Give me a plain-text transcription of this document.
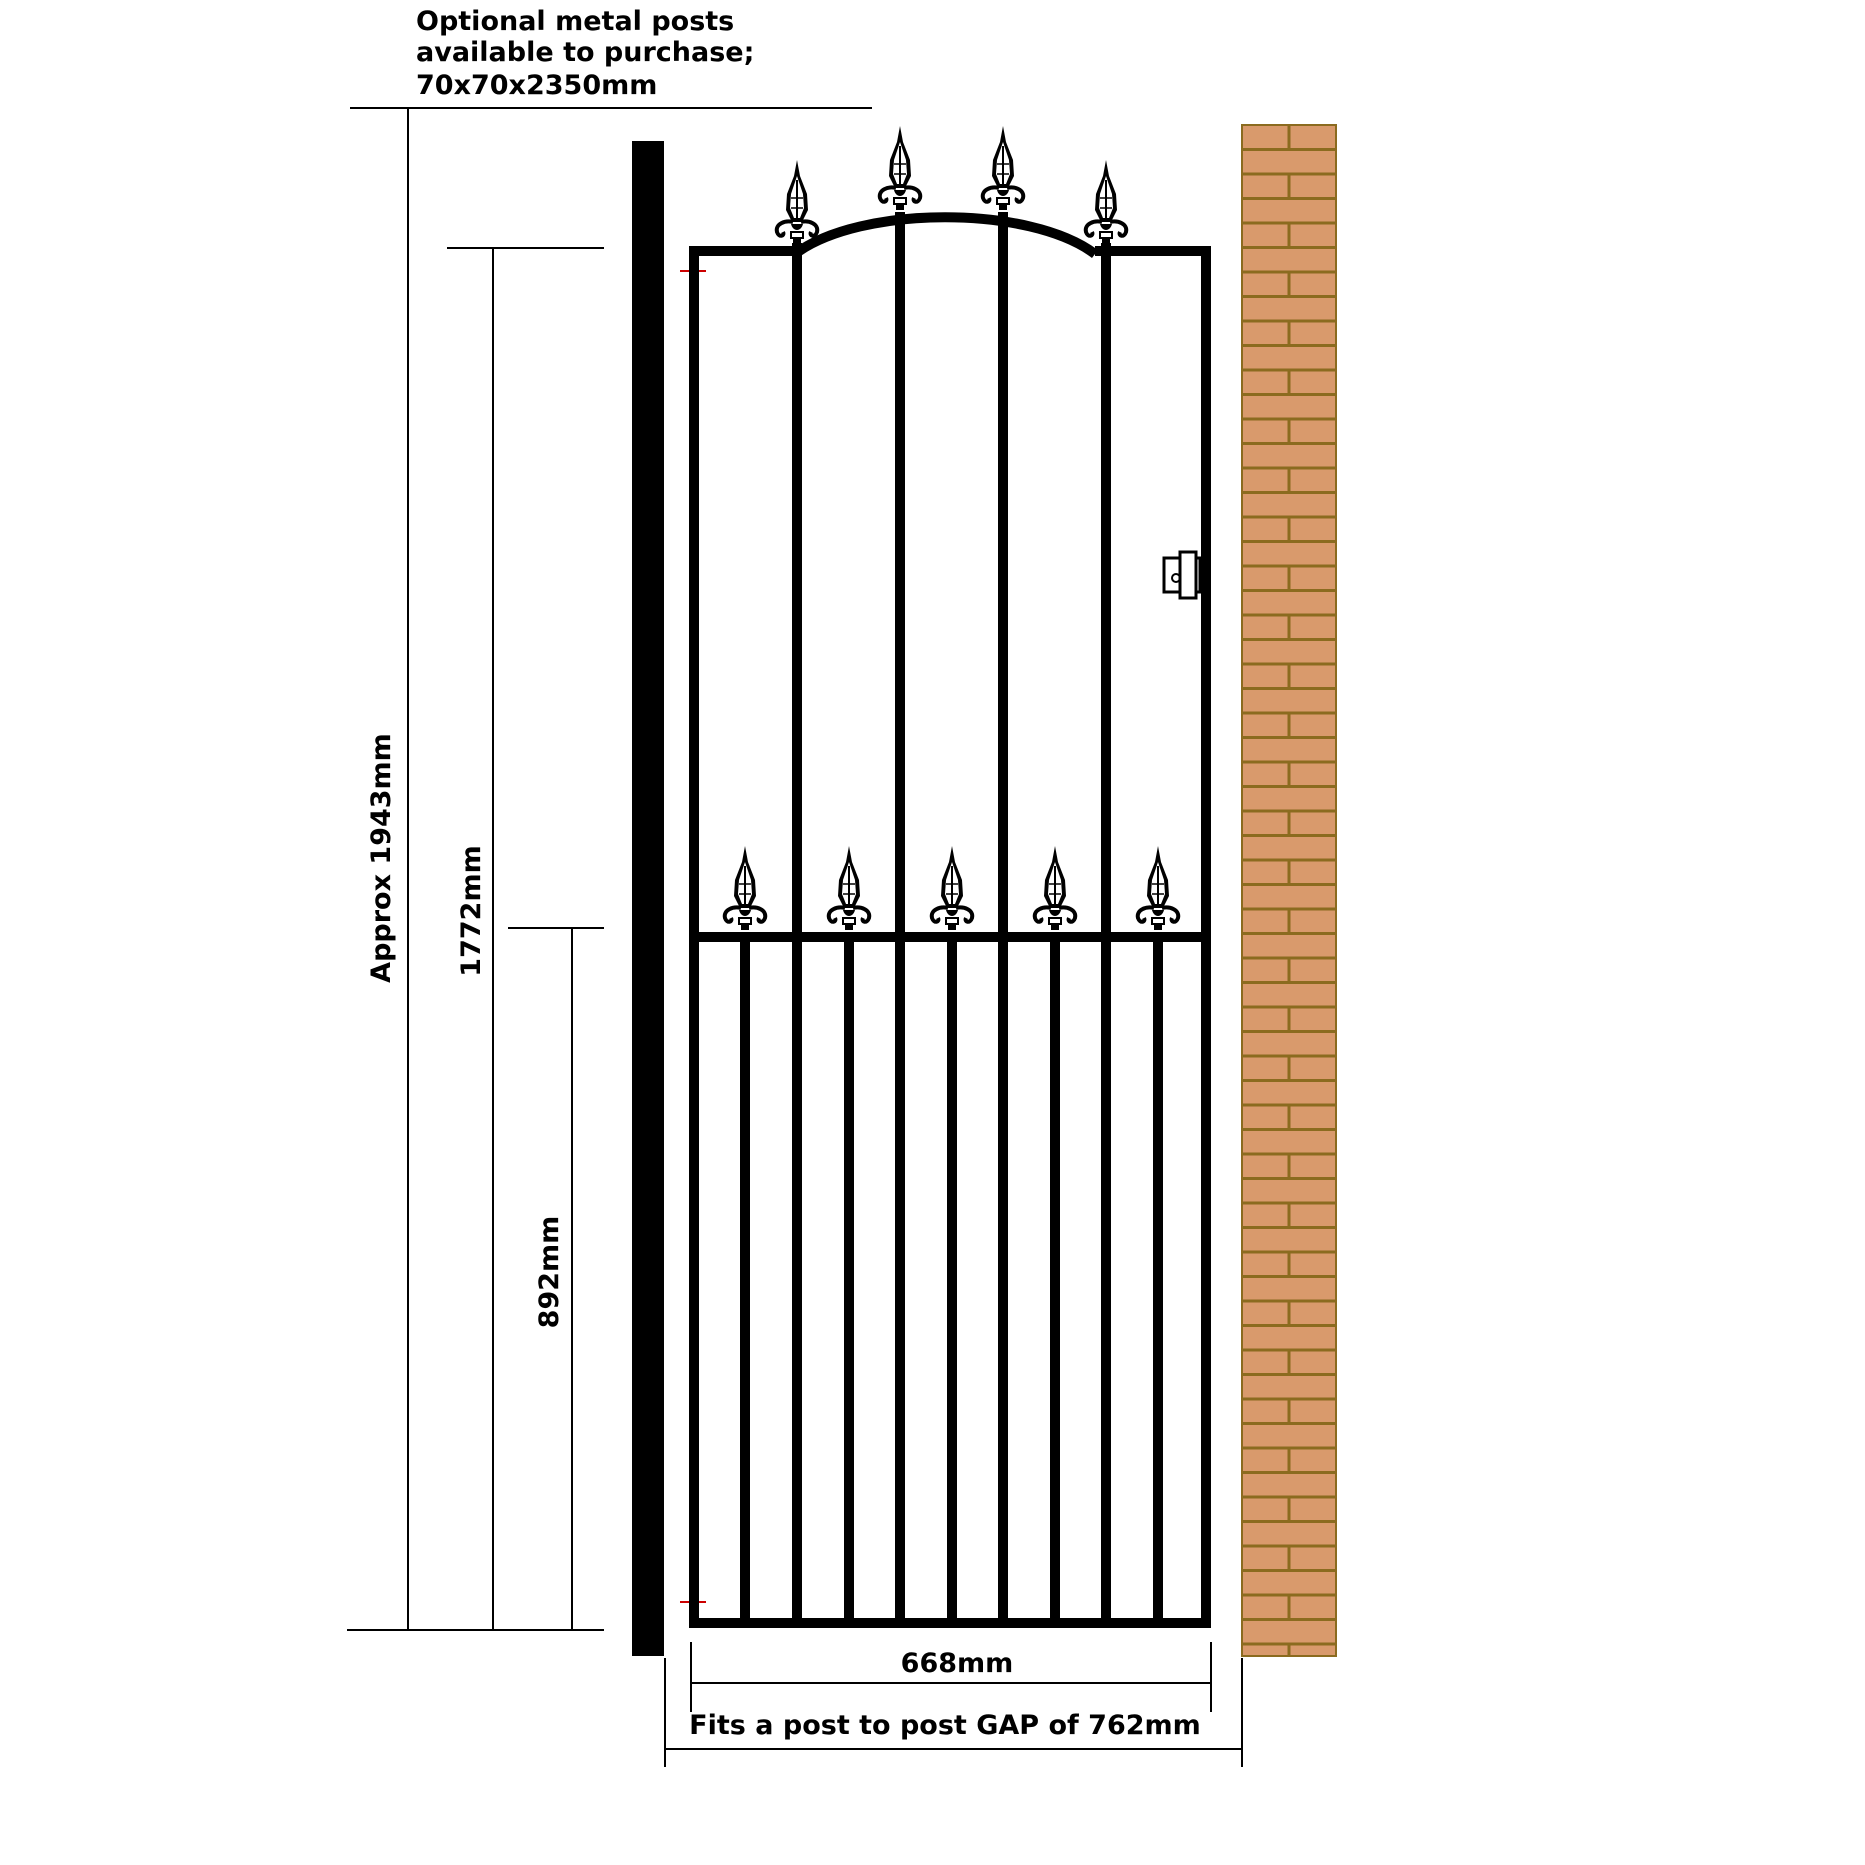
Optional metal posts
available to purchase;
70x70x2350mm
Approx 1943mm 1772mm
892mm
668mm
Fits a post to post GAP of 762mm
